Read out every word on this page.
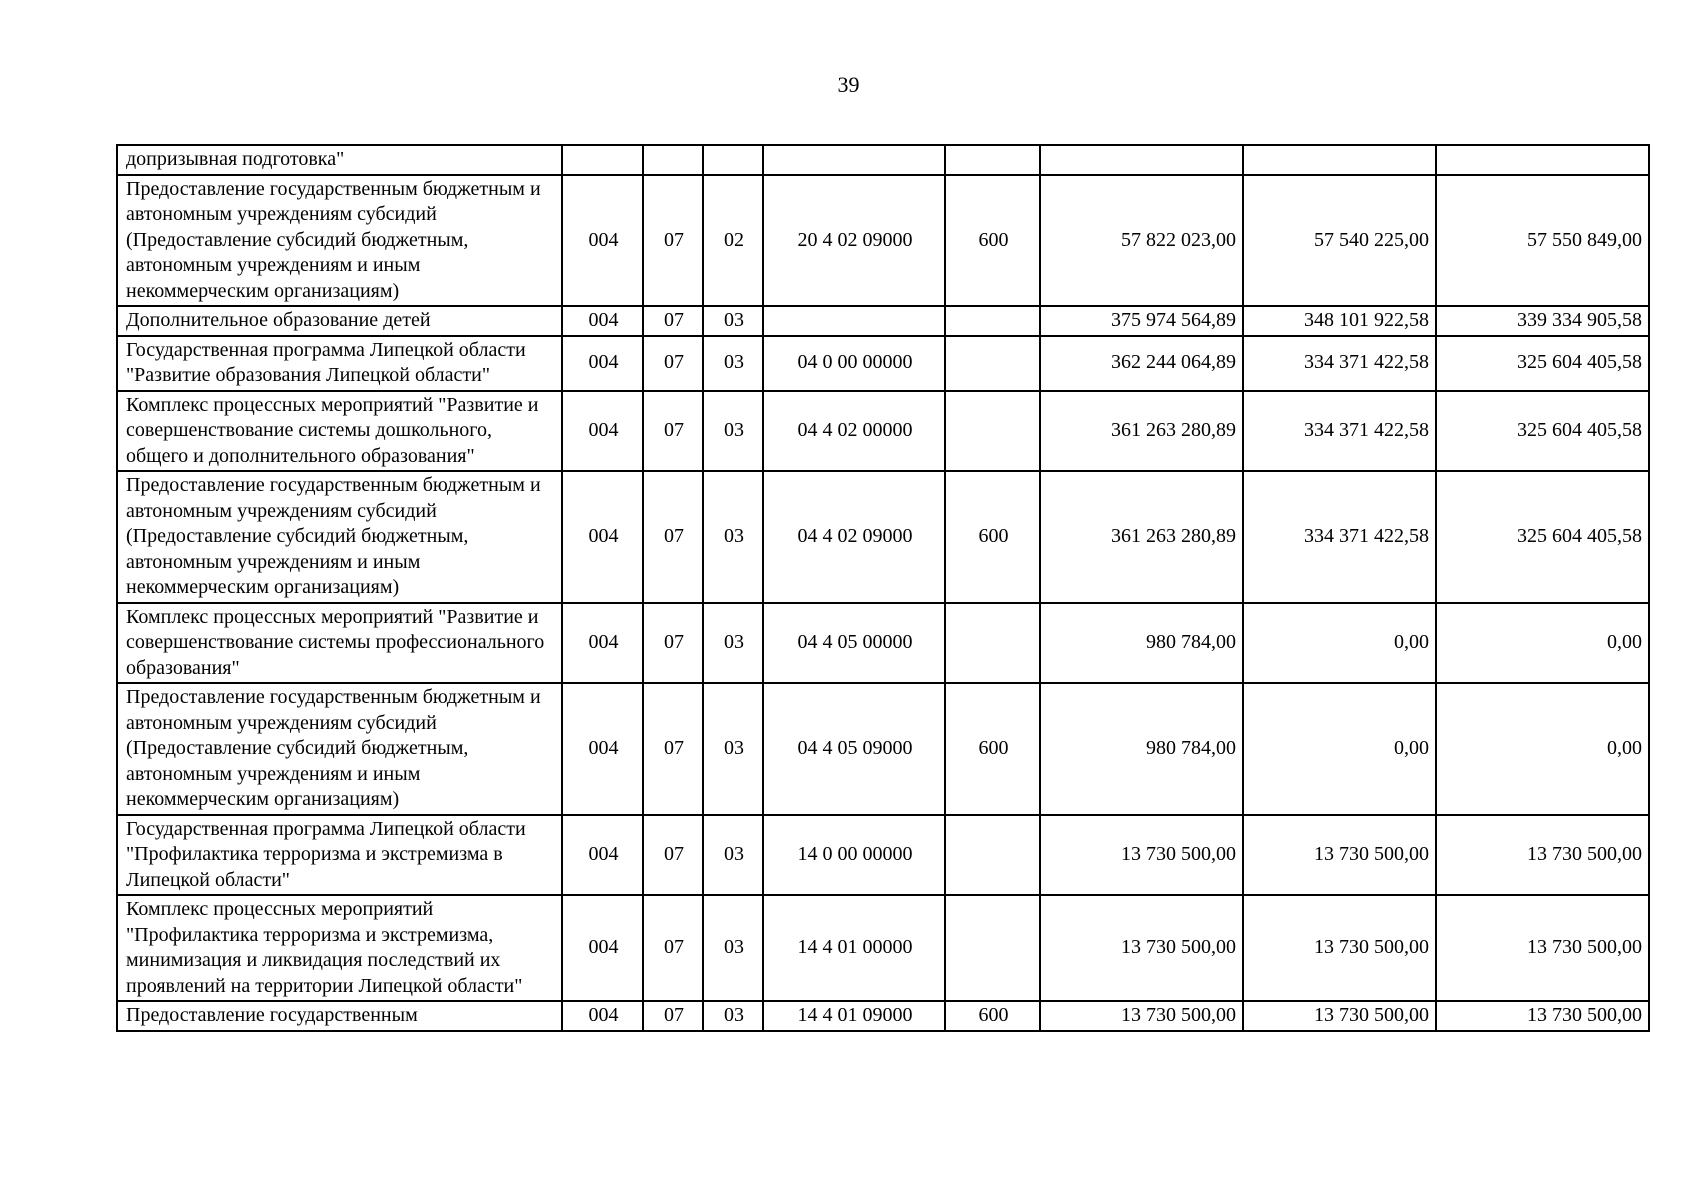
39
допризывная подготовка"								
Предоставление государственным бюджетным и автономным учреждениям субсидий (Предоставление субсидий бюджетным, автономным учреждениям и иным некоммерческим организациям)	004	07	02	20 4 02 09000	600	57 822 023,00	57 540 225,00	57 550 849,00
Дополнительное образование детей	004	07	03			375 974 564,89	348 101 922,58	339 334 905,58
Государственная программа Липецкой области "Развитие образования Липецкой области"	004	07	03	04 0 00 00000		362 244 064,89	334 371 422,58	325 604 405,58
Комплекс процессных мероприятий "Развитие и совершенствование системы дошкольного, общего и дополнительного образования"	004	07	03	04 4 02 00000		361 263 280,89	334 371 422,58	325 604 405,58
Предоставление государственным бюджетным и автономным учреждениям субсидий (Предоставление субсидий бюджетным, автономным учреждениям и иным некоммерческим организациям)	004	07	03	04 4 02 09000	600	361 263 280,89	334 371 422,58	325 604 405,58
Комплекс процессных мероприятий "Развитие и совершенствование системы профессионального образования"	004	07	03	04 4 05 00000		980 784,00	0,00	0,00
Предоставление государственным бюджетным и автономным учреждениям субсидий (Предоставление субсидий бюджетным, автономным учреждениям и иным некоммерческим организациям)	004	07	03	04 4 05 09000	600	980 784,00	0,00	0,00
Государственная программа Липецкой области "Профилактика терроризма и экстремизма в Липецкой области"	004	07	03	14 0 00 00000		13 730 500,00	13 730 500,00	13 730 500,00
Комплекс процессных мероприятий "Профилактика терроризма и экстремизма, минимизация и ликвидация последствий их проявлений на территории Липецкой области"	004	07	03	14 4 01 00000		13 730 500,00	13 730 500,00	13 730 500,00
Предоставление государственным	004	07	03	14 4 01 09000	600	13 730 500,00	13 730 500,00	13 730 500,00
